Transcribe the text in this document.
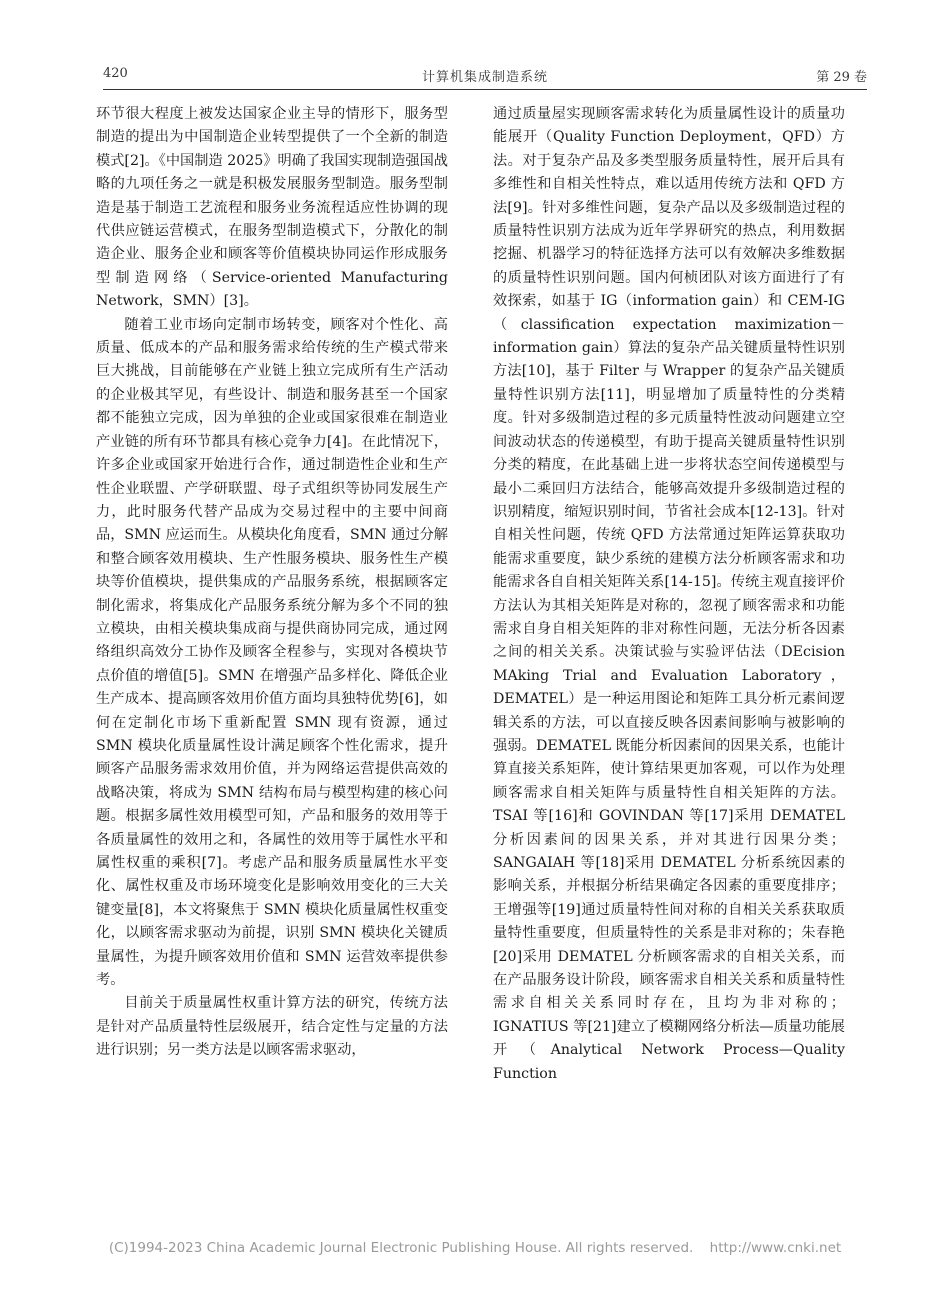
420	计算机集成制造系统	第 29 卷

环节很大程度上被发达国家企业主导的情形下，服务型制造的提出为中国制造企业转型提供了一个全新的制造模式[2]。《中国制造 2025》明确了我国实现制造强国战略的九项任务之一就是积极发展服务型制造。服务型制造是基于制造工艺流程和服务业务流程适应性协调的现代供应链运营模式，在服务型制造模式下，分散化的制造企业、服务企业和顾客等价值模块协同运作形成服务型制造网络（Service-oriented Manufacturing Network，SMN）[3]。

随着工业市场向定制市场转变，顾客对个性化、高质量、低成本的产品和服务需求给传统的生产模式带来巨大挑战，目前能够在产业链上独立完成所有生产活动的企业极其罕见，有些设计、制造和服务甚至一个国家都不能独立完成，因为单独的企业或国家很难在制造业产业链的所有环节都具有核心竞争力[4]。在此情况下，许多企业或国家开始进行合作，通过制造性企业和生产性企业联盟、产学研联盟、母子式组织等协同发展生产力，此时服务代替产品成为交易过程中的主要中间商品，SMN 应运而生。从模块化角度看，SMN 通过分解和整合顾客效用模块、生产性服务模块、服务性生产模块等价值模块，提供集成的产品服务系统，根据顾客定制化需求，将集成化产品服务系统分解为多个不同的独立模块，由相关模块集成商与提供商协同完成，通过网络组织高效分工协作及顾客全程参与，实现对各模块节点价值的增值[5]。SMN 在增强产品多样化、降低企业生产成本、提高顾客效用价值方面均具独特优势[6]，如何在定制化市场下重新配置 SMN 现有资源，通过 SMN 模块化质量属性设计满足顾客个性化需求，提升顾客产品服务需求效用价值，并为网络运营提供高效的战略决策，将成为 SMN 结构布局与模型构建的核心问题。根据多属性效用模型可知，产品和服务的效用等于各质量属性的效用之和，各属性的效用等于属性水平和属性权重的乘积[7]。考虑产品和服务质量属性水平变化、属性权重及市场环境变化是影响效用变化的三大关键变量[8]，本文将聚焦于 SMN 模块化质量属性权重变化，以顾客需求驱动为前提，识别 SMN 模块化关键质量属性，为提升顾客效用价值和 SMN 运营效率提供参考。

目前关于质量属性权重计算方法的研究，传统方法是针对产品质量特性层级展开，结合定性与定量的方法进行识别；另一类方法是以顾客需求驱动，

通过质量屋实现顾客需求转化为质量属性设计的质量功能展开（Quality Function Deployment，QFD）方法。对于复杂产品及多类型服务质量特性，展开后具有多维性和自相关性特点，难以适用传统方法和 QFD 方法[9]。针对多维性问题，复杂产品以及多级制造过程的质量特性识别方法成为近年学界研究的热点，利用数据挖掘、机器学习的特征选择方法可以有效解决多维数据的质量特性识别问题。国内何桢团队对该方面进行了有效探索，如基于 IG（information gain）和 CEM-IG（classification expectation maximization－information gain）算法的复杂产品关键质量特性识别方法[10]，基于 Filter 与 Wrapper 的复杂产品关键质量特性识别方法[11]，明显增加了质量特性的分类精度。针对多级制造过程的多元质量特性波动问题建立空间波动状态的传递模型，有助于提高关键质量特性识别分类的精度，在此基础上进一步将状态空间传递模型与最小二乘回归方法结合，能够高效提升多级制造过程的识别精度，缩短识别时间，节省社会成本[12-13]。针对自相关性问题，传统 QFD 方法常通过矩阵运算获取功能需求重要度，缺少系统的建模方法分析顾客需求和功能需求各自自相关矩阵关系[14-15]。传统主观直接评价方法认为其相关矩阵是对称的，忽视了顾客需求和功能需求自身自相关矩阵的非对称性问题，无法分析各因素之间的相关关系。决策试验与实验评估法（DEcision MAking Trial and Evaluation Laboratory，DEMATEL）是一种运用图论和矩阵工具分析元素间逻辑关系的方法，可以直接反映各因素间影响与被影响的强弱。DEMATEL 既能分析因素间的因果关系，也能计算直接关系矩阵，使计算结果更加客观，可以作为处理顾客需求自相关矩阵与质量特性自相关矩阵的方法。TSAI 等[16]和 GOVINDAN 等[17]采用 DEMATEL 分析因素间的因果关系，并对其进行因果分类；SANGAIAH 等[18]采用 DEMATEL 分析系统因素的影响关系，并根据分析结果确定各因素的重要度排序；王增强等[19]通过质量特性间对称的自相关关系获取质量特性重要度，但质量特性的关系是非对称的；朱春艳[20]采用 DEMATEL 分析顾客需求的自相关关系，而在产品服务设计阶段，顾客需求自相关关系和质量特性需求自相关关系同时存在，且均为非对称的；IGNATIUS 等[21]建立了模糊网络分析法—质量功能展开（Analytical Network Process—Quality Function

(C)1994-2023 China Academic Journal Electronic Publishing House. All rights reserved. http://www.cnki.net
